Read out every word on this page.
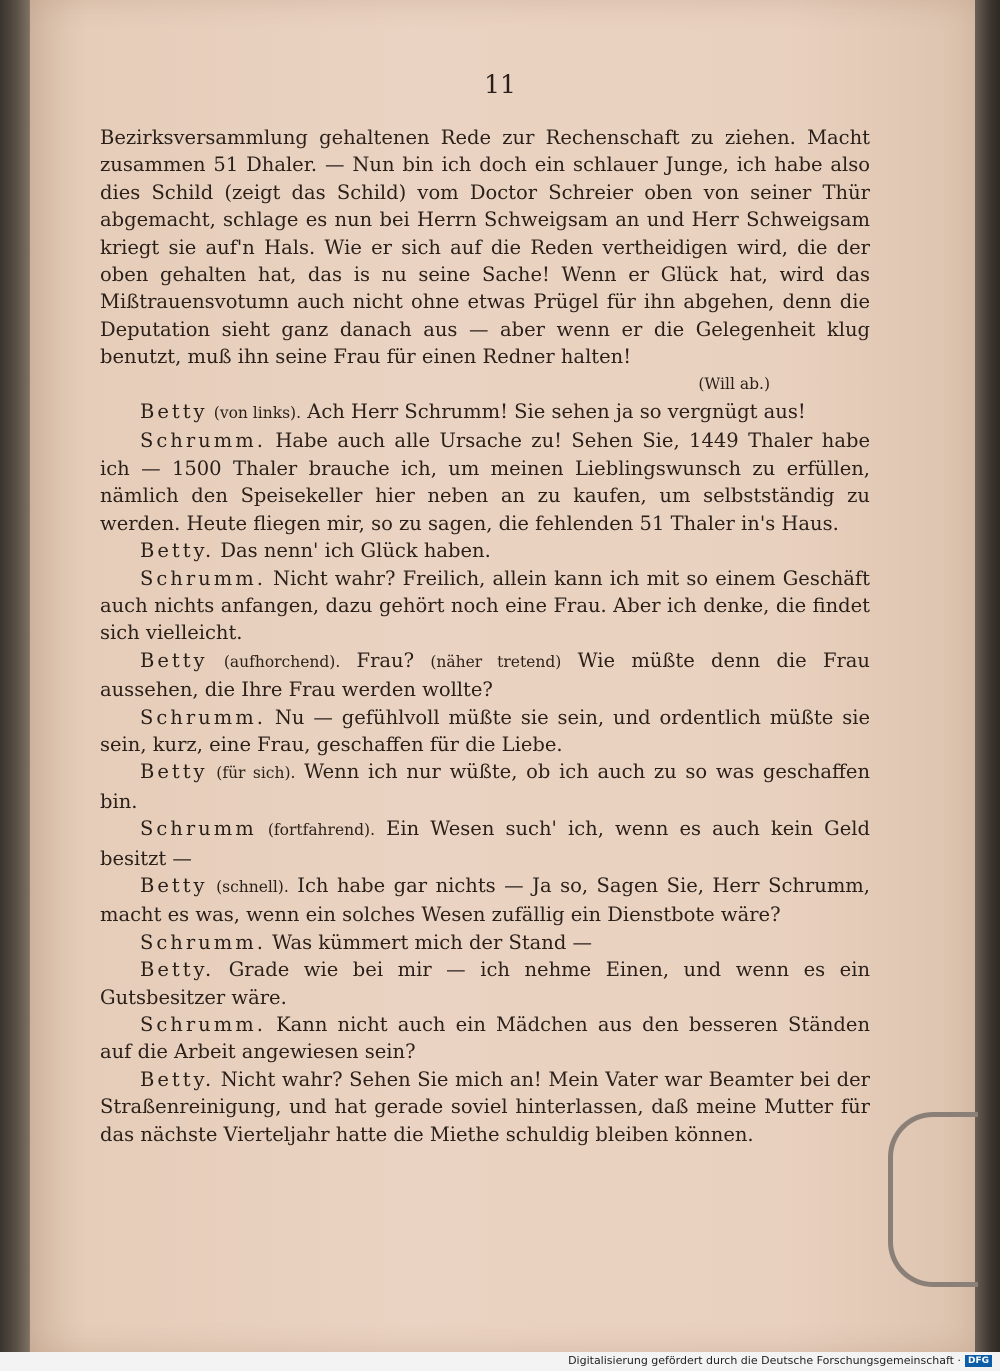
11

Bezirksversammlung gehaltenen Rede zur Rechenschaft zu ziehen. Macht zusammen 51 Dhaler. — Nun bin ich doch ein schlauer Junge, ich habe also dies Schild (zeigt das Schild) vom Doctor Schreier oben von seiner Thür abgemacht, schlage es nun bei Herrn Schweigsam an und Herr Schweigsam kriegt sie auf'n Hals. Wie er sich auf die Reden vertheidigen wird, die der oben gehalten hat, das is nu seine Sache! Wenn er Glück hat, wird das Mißtrauensvotumn auch nicht ohne etwas Prügel für ihn abgehen, denn die Deputation sieht ganz danach aus — aber wenn er die Gelegenheit klug benutzt, muß ihn seine Frau für einen Redner halten!

(Will ab.)

Betty (von links). Ach Herr Schrumm! Sie sehen ja so vergnügt aus!

Schrumm. Habe auch alle Ursache zu! Sehen Sie, 1449 Thaler habe ich — 1500 Thaler brauche ich, um meinen Lieblingswunsch zu erfüllen, nämlich den Speisekeller hier neben an zu kaufen, um selbstständig zu werden. Heute fliegen mir, so zu sagen, die fehlenden 51 Thaler in's Haus.

Betty. Das nenn' ich Glück haben.

Schrumm. Nicht wahr? Freilich, allein kann ich mit so einem Geschäft auch nichts anfangen, dazu gehört noch eine Frau. Aber ich denke, die findet sich vielleicht.

Betty (aufhorchend). Frau? (näher tretend) Wie müßte denn die Frau aussehen, die Ihre Frau werden wollte?

Schrumm. Nu — gefühlvoll müßte sie sein, und ordentlich müßte sie sein, kurz, eine Frau, geschaffen für die Liebe.

Betty (für sich). Wenn ich nur wüßte, ob ich auch zu so was geschaffen bin.

Schrumm (fortfahrend). Ein Wesen such' ich, wenn es auch kein Geld besitzt —

Betty (schnell). Ich habe gar nichts — Ja so, Sagen Sie, Herr Schrumm, macht es was, wenn ein solches Wesen zufällig ein Dienstbote wäre?

Schrumm. Was kümmert mich der Stand —

Betty. Grade wie bei mir — ich nehme Einen, und wenn es ein Gutsbesitzer wäre.

Schrumm. Kann nicht auch ein Mädchen aus den besseren Ständen auf die Arbeit angewiesen sein?

Betty. Nicht wahr? Sehen Sie mich an! Mein Vater war Beamter bei der Straßenreinigung, und hat gerade soviel hinterlassen, daß meine Mutter für das nächste Vierteljahr hatte die Miethe schuldig bleiben können.

Digitalisierung gefördert durch die Deutsche Forschungsgemeinschaft · DFG
